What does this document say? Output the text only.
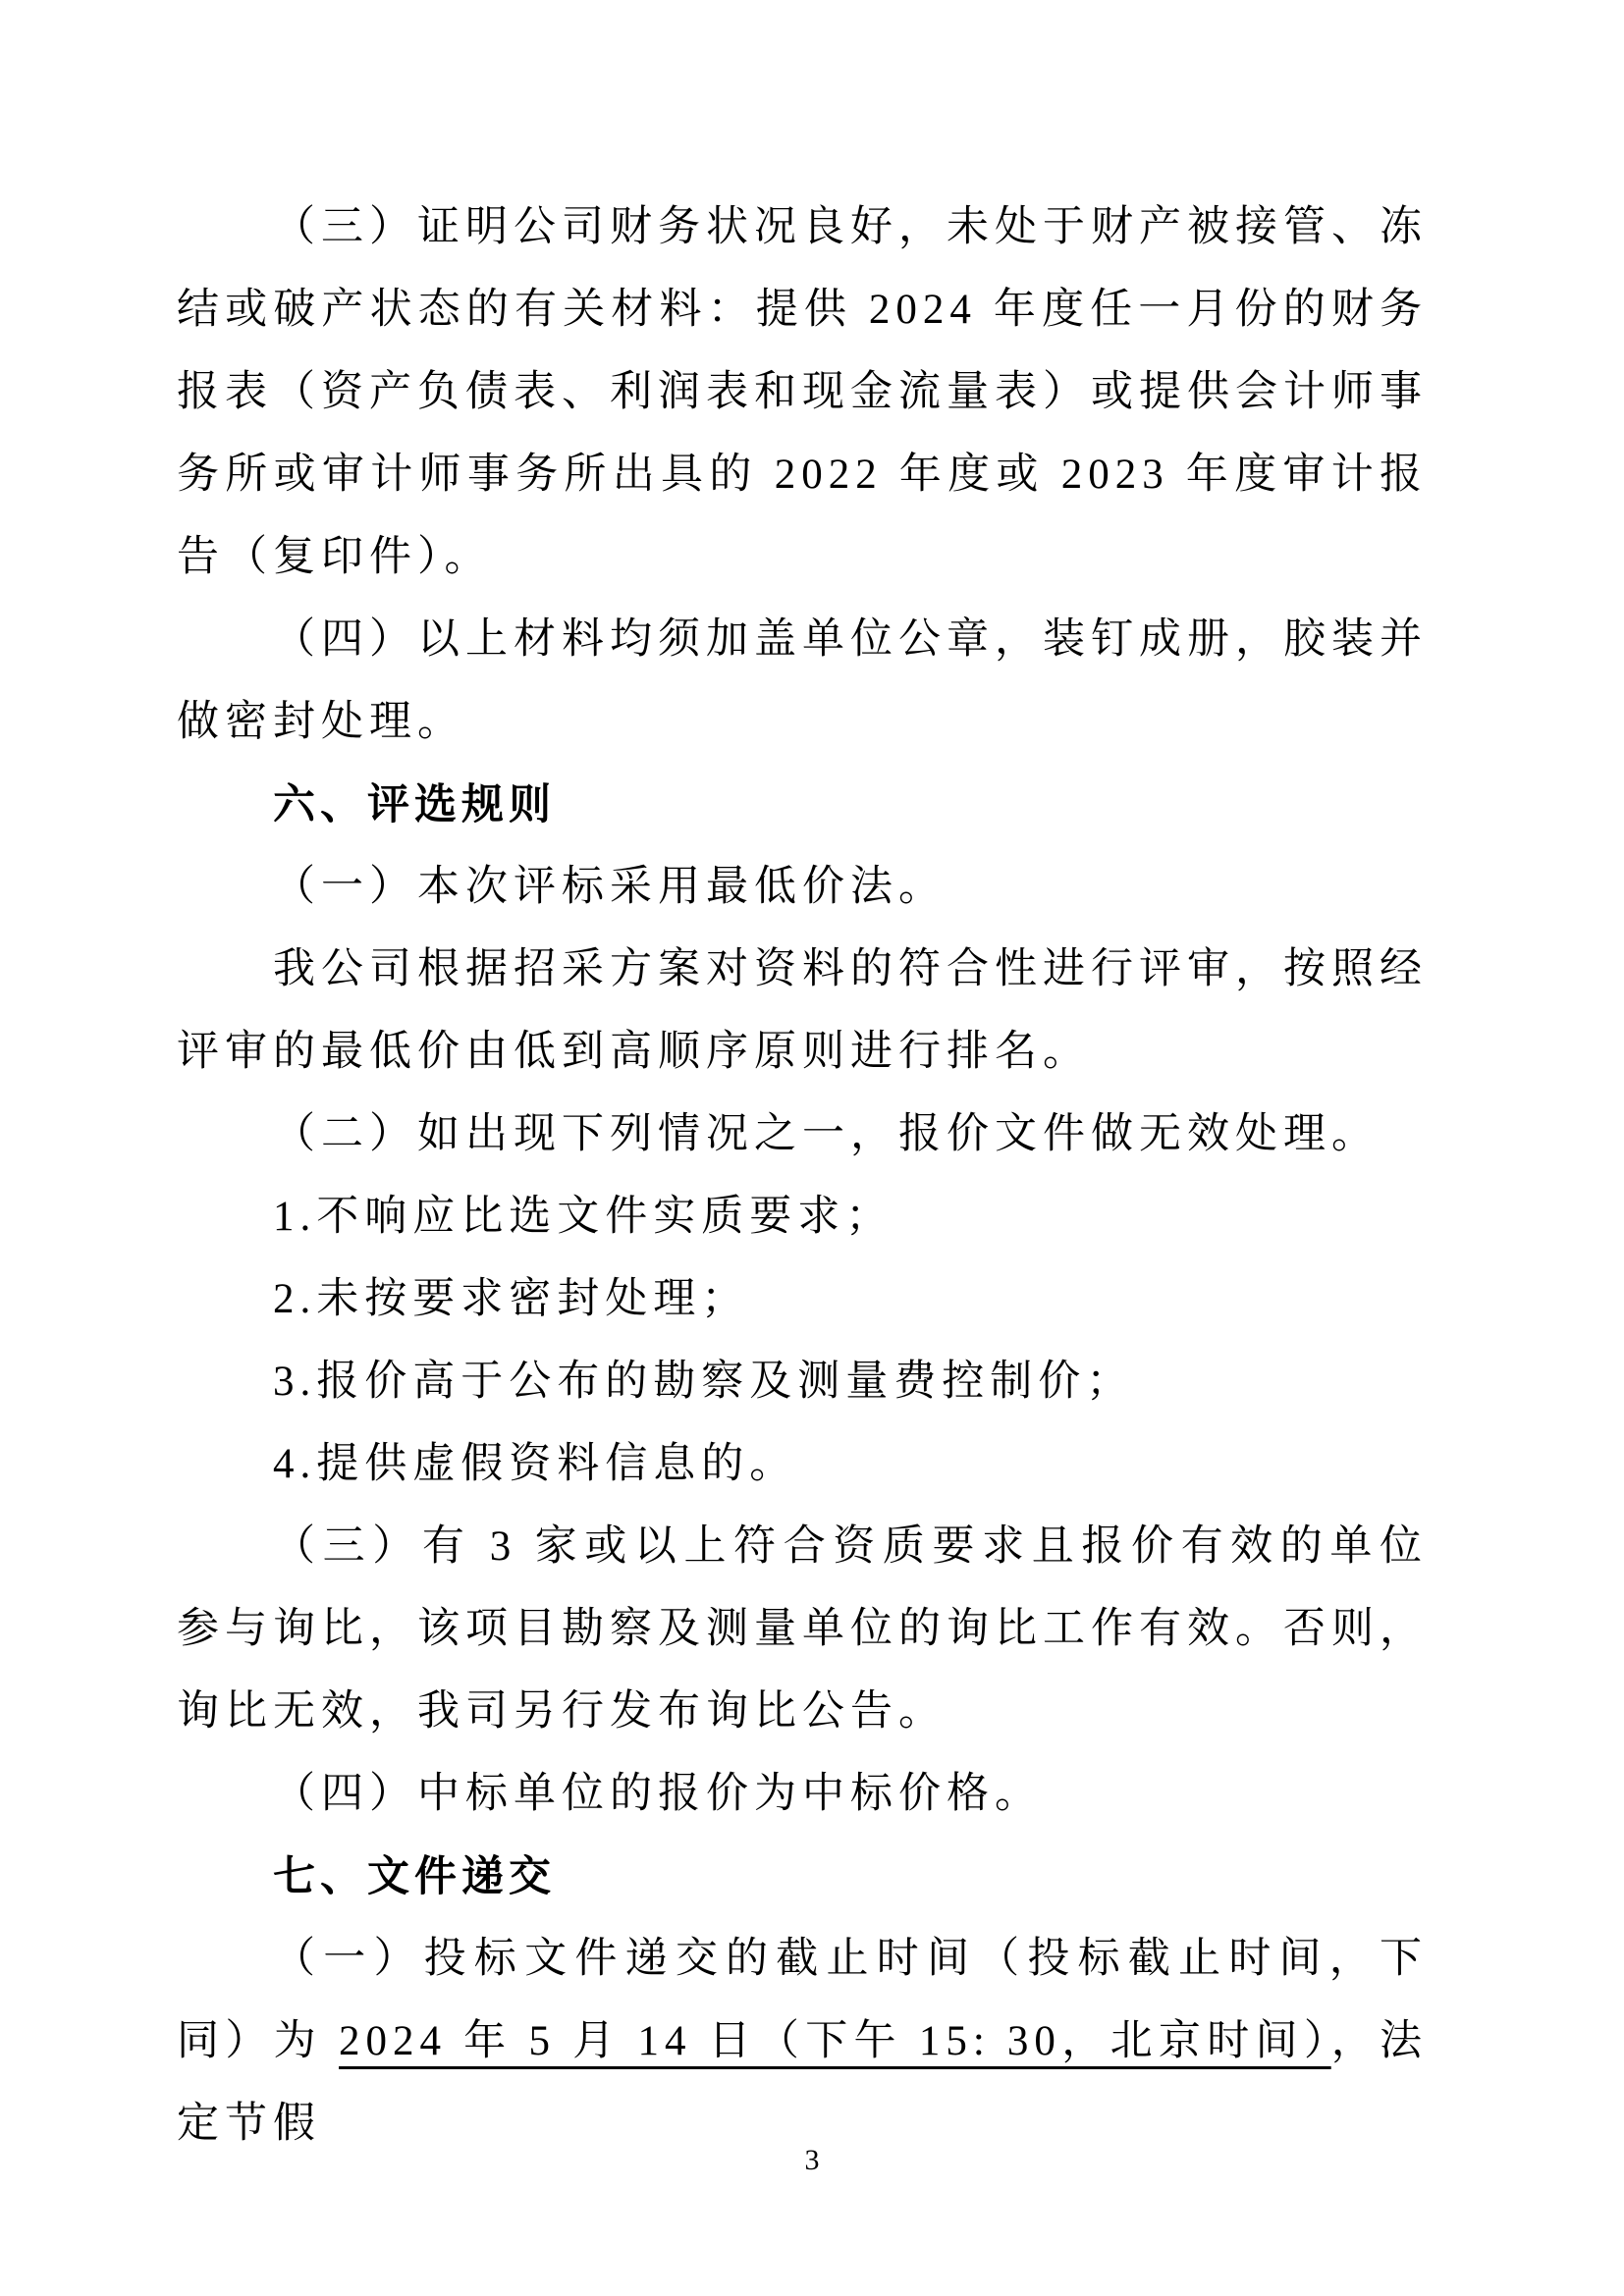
（三）证明公司财务状况良好，未处于财产被接管、冻结或破产状态的有关材料：提供 2024 年度任一月份的财务报表（资产负债表、利润表和现金流量表）或提供会计师事务所或审计师事务所出具的 2022 年度或 2023 年度审计报告（复印件）。

（四）以上材料均须加盖单位公章，装钉成册，胶装并做密封处理。

六、评选规则

（一）本次评标采用最低价法。

我公司根据招采方案对资料的符合性进行评审，按照经评审的最低价由低到高顺序原则进行排名。

（二）如出现下列情况之一，报价文件做无效处理。

1.不响应比选文件实质要求；

2.未按要求密封处理；

3.报价高于公布的勘察及测量费控制价；

4.提供虚假资料信息的。

（三）有 3 家或以上符合资质要求且报价有效的单位参与询比，该项目勘察及测量单位的询比工作有效。否则，询比无效，我司另行发布询比公告。

（四）中标单位的报价为中标价格。

七、文件递交

（一）投标文件递交的截止时间（投标截止时间，下同）为 2024 年 5 月 14 日（下午 15: 30，北京时间），法定节假

3
